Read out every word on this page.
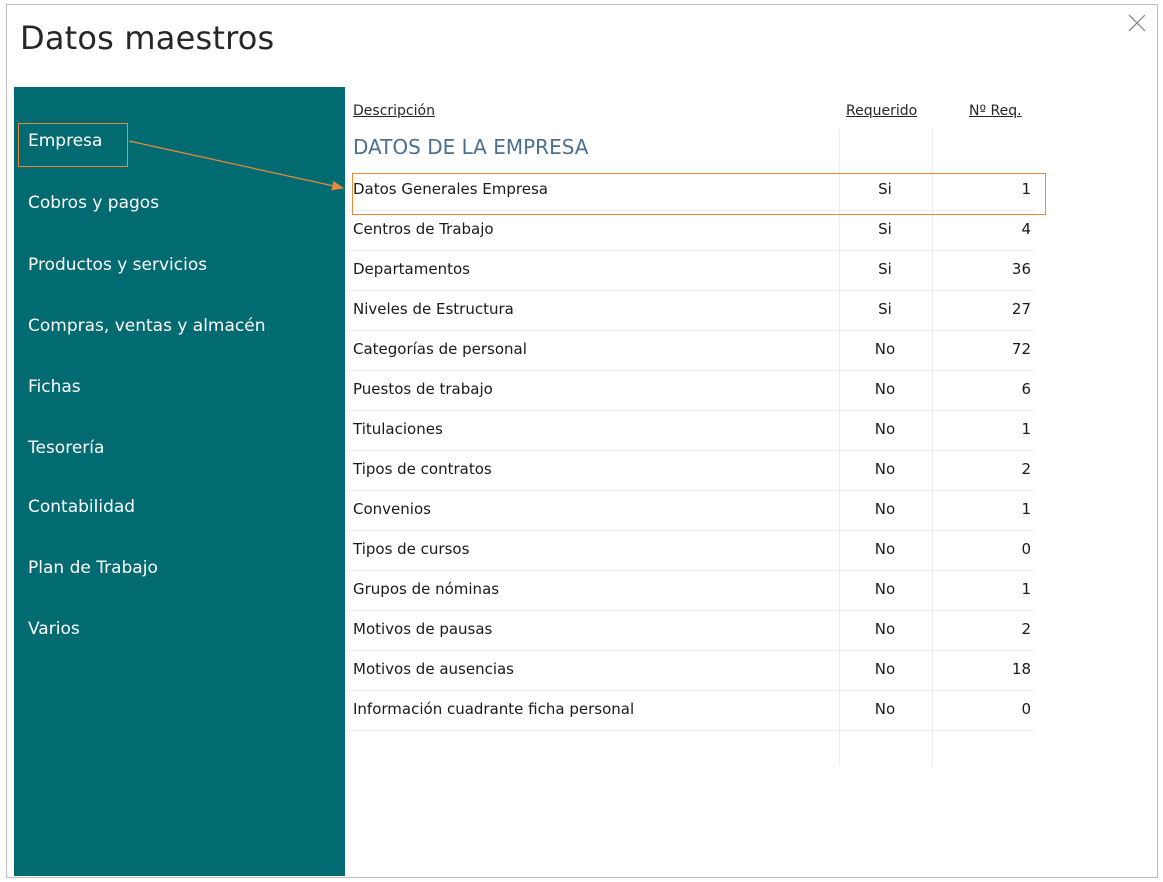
Datos maestros
Empresa
Cobros y pagos
Productos y servicios
Compras, ventas y almacén
Fichas
Tesorería
Contabilidad
Plan de Trabajo
Varios
Descripción	Requerido	Nº Req.
DATOS DE LA EMPRESA
Datos Generales Empresa	Si	1
Centros de Trabajo	Si	4
Departamentos	Si	36
Niveles de Estructura	Si	27
Categorías de personal	No	72
Puestos de trabajo	No	6
Titulaciones	No	1
Tipos de contratos	No	2
Convenios	No	1
Tipos de cursos	No	0
Grupos de nóminas	No	1
Motivos de pausas	No	2
Motivos de ausencias	No	18
Información cuadrante ficha personal	No	0
